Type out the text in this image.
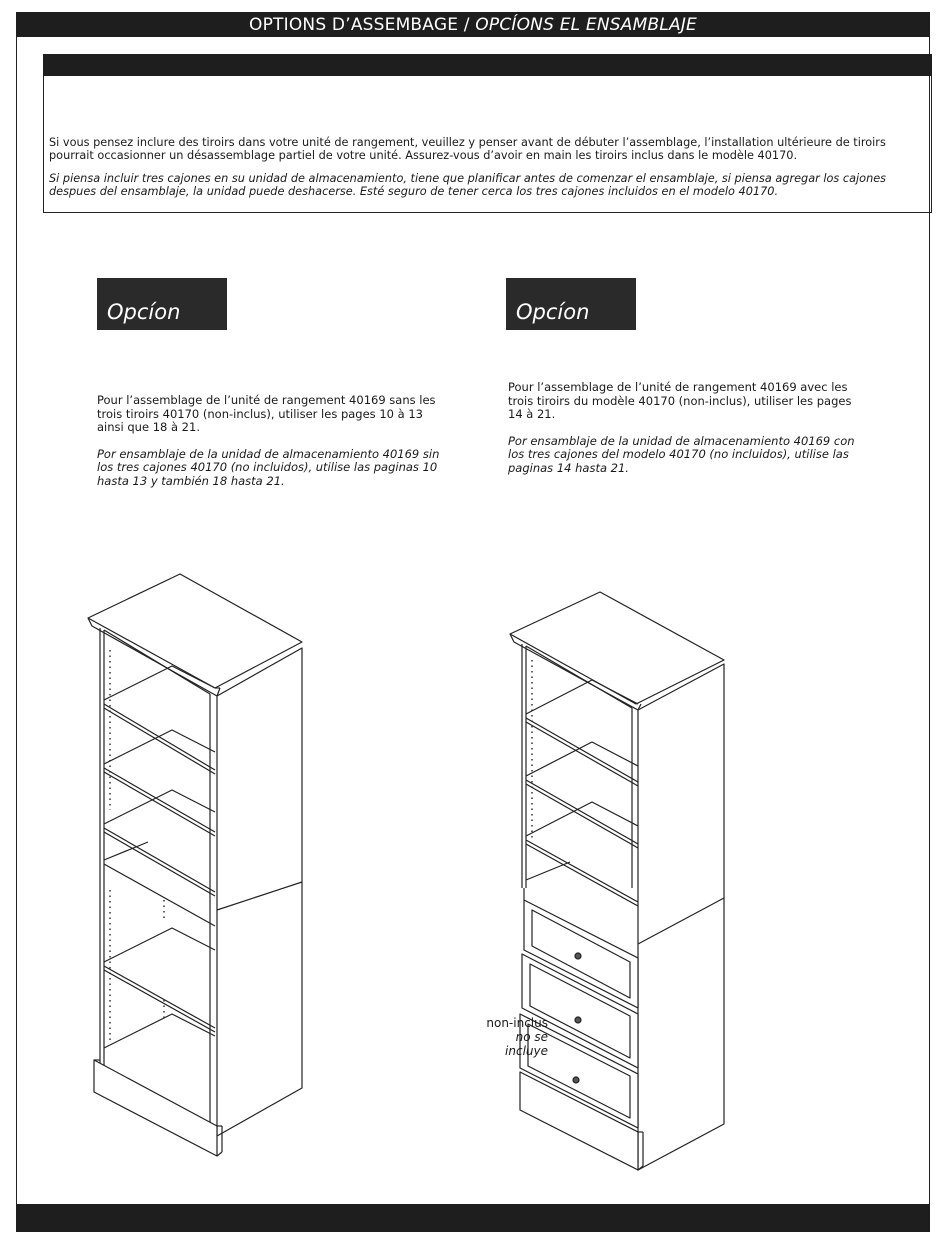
OPTIONS D’ASSEMBAGE / OPCÍONS EL ENSAMBLAJE
Si vous pensez inclure des tiroirs dans votre unité de rangement, veuillez y penser avant de débuter l’assemblage, l’installation ultérieure de tiroirs pourrait occasionner un désassemblage partiel de votre unité. Assurez-vous d’avoir en main les tiroirs inclus dans le modèle 40170.
Si piensa incluir tres cajones en su unidad de almacenamiento, tiene que planificar antes de comenzar el ensamblaje, si piensa agregar los cajones despues del ensamblaje, la unidad puede deshacerse. Esté seguro de tener cerca los tres cajones incluidos en el modelo 40170.
Opcíon	Opcíon

Pour l’assemblage de l’unité de rangement 40169 sans les trois tiroirs 40170 (non-inclus), utiliser les pages 10 à 13 ainsi que 18 à 21.

Por ensamblaje de la unidad de almacenamiento 40169 sin los tres cajones 40170 (no incluidos), utilise las paginas 10 hasta 13 y también 18 hasta 21.

Pour l’assemblage de l’unité de rangement 40169 avec les trois tiroirs du modèle 40170 (non-inclus), utiliser les pages 14 à 21.

Por ensamblaje de la unidad de almacenamiento 40169 con los tres cajones del modelo 40170 (no incluidos), utilise las paginas 14 hasta 21.

non-inclus
no se incluye
